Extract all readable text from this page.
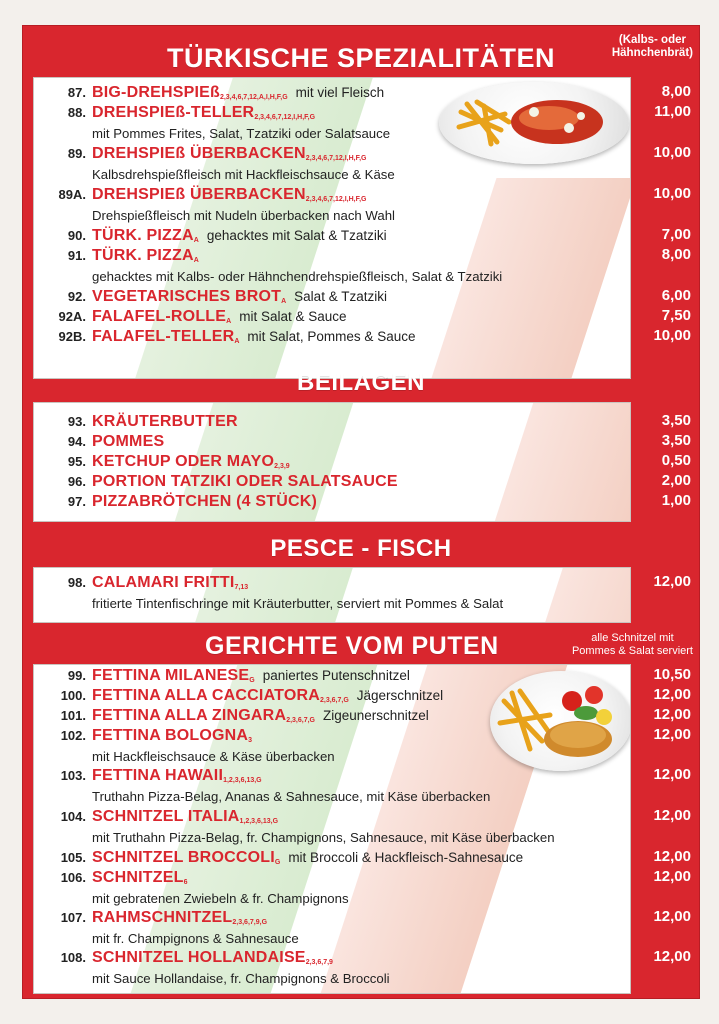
TÜRKISCHE SPEZIALITÄTEN
(Kalbs- oder
Hähnchenbrät)
87. BIG-DREHSPIEß$_{2,3,4,6,7,12,A,I,H,F,G}$ mit viel Fleisch
88. DREHSPIEß-$TELLER_{2,3,4,6,7,12,I,H,F,G}$
mit Pommes Frites, Salat, Tzatziki oder Salatsauce
89. DREHSPIEß $ÜBERBACKEN_{2,3,4,6,7,12,I,H,F,G}$
Kalbsdrehspießfleisch mit Hackfleischsauce & Käse
89A. DREHSPIEß $ÜBERBACKEN_{2,3,4,6,7,12,I,H,F,G}$
Drehspießfleisch mit Nudeln überbacken nach Wahl
90. TÜRK. $PIZZA_A$ gehacktes mit Salat & Tzatziki
91. TÜRK. $PIZZA_A$
gehacktes mit Kalbs- oder Hähnchendrehspießfleisch, Salat & Tzatziki
92. VEGETARISCHES $BROT_A$ Salat & Tzatziki
92A. FALAFEL-$ROLLE_A$ mit Salat & Sauce
92B. FALAFEL-$TELLER_A$ mit Salat, Pommes & Sauce
8,00
11,00
10,00
10,00
7,00
8,00
6,00
7,50
10,00
BEILAGEN
93. KRÄUTERBUTTER
94. POMMES
95. KETCHUP ODER $MAYO_{2,3,9}$
96. PORTION TATZIKI ODER SALATSAUCE
97. PIZZABRÖTCHEN (4 STÜCK)
3,50
3,50
0,50
2,00
1,00
PESCE - FISCH
98. CALAMARI $FRITTI_{7,13}$
fritierte Tintenfischringe mit Kräuterbutter, serviert mit Pommes & Salat
12,00
GERICHTE VOM PUTEN	alle Schnitzel mit
Pommes & Salat serviert
99. FETTINA $MILANESE_G$ paniertes Putenschnitzel
100. FETTINA ALLA $CACCIATORA_{2,3,6,7,G}$ Jägerschnitzel
101. FETTINA ALLA $ZINGARA_{2,3,6,7,G}$ Zigeunerschnitzel
102. FETTINA $BOLOGNA_3$
mit Hackfleischsauce & Käse überbacken
103. FETTINA $HAWAII_{1,2,3,6,13,G}$
Truthahn Pizza-Belag, Ananas & Sahnesauce, mit Käse überbacken
104. SCHNITZEL $ITALIA_{1,2,3,6,13,G}$
mit Truthahn Pizza-Belag, fr. Champignons, Sahnesauce, mit Käse überbacken
105. SCHNITZEL $BROCCOLI_G$ mit Broccoli & Hackfleisch-Sahnesauce
106. $SCHNITZEL_6$
mit gebratenen Zwiebeln & fr. Champignons
107. $RAHMSCHNITZEL_{2,3,6,7,9,G}$
mit fr. Champignons & Sahnesauce
108. SCHNITZEL $HOLLANDAISE_{2,3,6,7,9}$
mit Sauce Hollandaise, fr. Champignons & Broccoli
10,50
12,00
12,00
12,00
12,00
12,00
12,00
12,00
12,00
12,00
